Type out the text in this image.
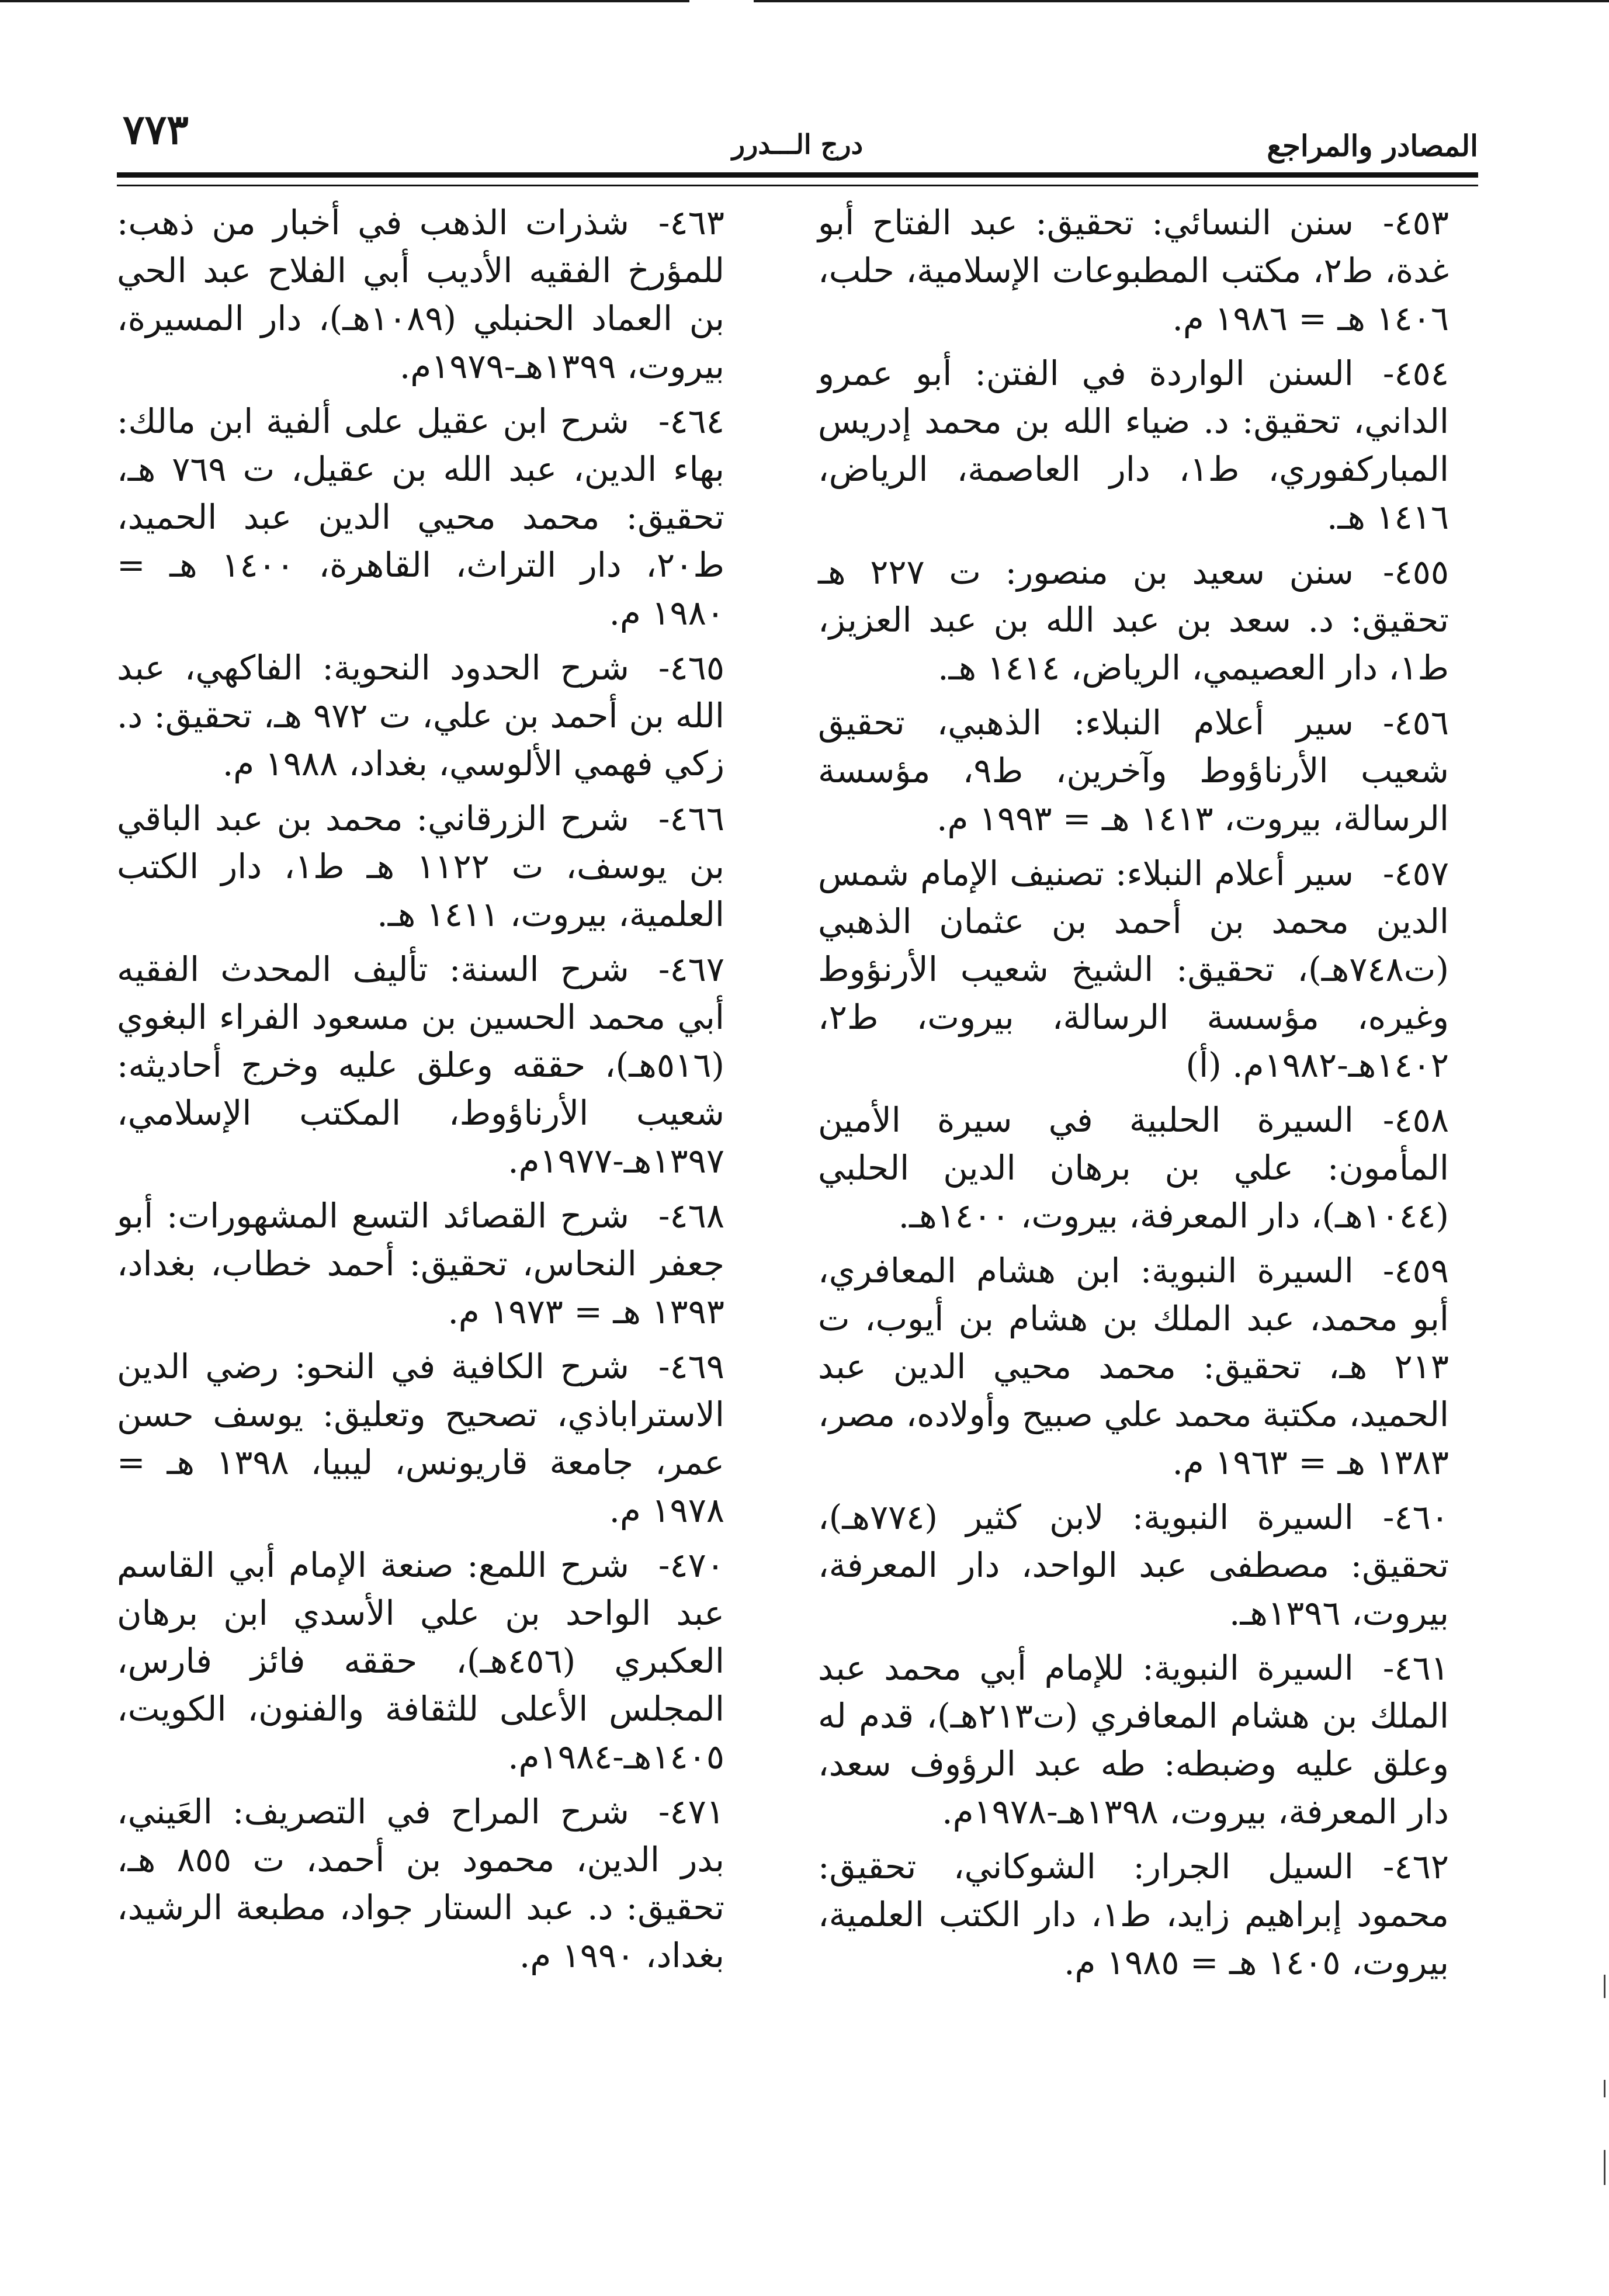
المصادر والمراجع
درج الـــدرر
٧٧٣

٤٥٣-سنن النسائي: تحقيق: عبد الفتاح أبو غدة، ط٢، مكتب المطبوعات الإسلامية، حلب، ١٤٠٦ هـ = ١٩٨٦ م.

٤٥٤-السنن الواردة في الفتن: أبو عمرو الداني، تحقيق: د. ضياء الله بن محمد إدريس المباركفوري، ط١، دار العاصمة، الرياض، ١٤١٦ هـ.

٤٥٥-سنن سعيد بن منصور: ت ٢٢٧ هـ تحقيق: د. سعد بن عبد الله بن عبد العزيز، ط١، دار العصيمي، الرياض، ١٤١٤ هـ.

٤٥٦-سير أعلام النبلاء: الذهبي، تحقيق شعيب الأرناؤوط وآخرين، ط٩، مؤسسة الرسالة، بيروت، ١٤١٣ هـ = ١٩٩٣ م.

٤٥٧-سير أعلام النبلاء: تصنيف الإمام شمس الدين محمد بن أحمد بن عثمان الذهبي (ت٧٤٨هـ)، تحقيق: الشيخ شعيب الأرنؤوط وغيره، مؤسسة الرسالة، بيروت، ط٢، ١٤٠٢هـ-١٩٨٢م. (أ)

٤٥٨-السيرة الحلبية في سيرة الأمين المأمون: علي بن برهان الدين الحلبي (١٠٤٤هـ)، دار المعرفة، بيروت، ١٤٠٠هـ.

٤٥٩-السيرة النبوية: ابن هشام المعافري، أبو محمد، عبد الملك بن هشام بن أيوب، ت ٢١٣ هـ، تحقيق: محمد محيي الدين عبد الحميد، مكتبة محمد علي صبيح وأولاده، مصر، ١٣٨٣ هـ = ١٩٦٣ م.

٤٦٠-السيرة النبوية: لابن كثير (٧٧٤هـ)، تحقيق: مصطفى عبد الواحد، دار المعرفة، بيروت، ١٣٩٦هـ.

٤٦١-السيرة النبوية: للإمام أبي محمد عبد الملك بن هشام المعافري (ت٢١٣هـ)، قدم له وعلق عليه وضبطه: طه عبد الرؤوف سعد، دار المعرفة، بيروت، ١٣٩٨هـ-١٩٧٨م.

٤٦٢-السيل الجرار: الشوكاني، تحقيق: محمود إبراهيم زايد، ط١، دار الكتب العلمية، بيروت، ١٤٠٥ هـ = ١٩٨٥ م.

٤٦٣-شذرات الذهب في أخبار من ذهب: للمؤرخ الفقيه الأديب أبي الفلاح عبد الحي بن العماد الحنبلي (١٠٨٩هـ)، دار المسيرة، بيروت، ١٣٩٩هـ-١٩٧٩م.

٤٦٤-شرح ابن عقيل على ألفية ابن مالك: بهاء الدين، عبد الله بن عقيل، ت ٧٦٩ هـ، تحقيق: محمد محيي الدين عبد الحميد، ط٢٠، دار التراث، القاهرة، ١٤٠٠ هـ = ١٩٨٠ م.

٤٦٥-شرح الحدود النحوية: الفاكهي، عبد الله بن أحمد بن علي، ت ٩٧٢ هـ، تحقيق: د. زكي فهمي الألوسي، بغداد، ١٩٨٨ م.

٤٦٦-شرح الزرقاني: محمد بن عبد الباقي بن يوسف، ت ١١٢٢ هـ ط١، دار الكتب العلمية، بيروت، ١٤١١ هـ.

٤٦٧-شرح السنة: تأليف المحدث الفقيه أبي محمد الحسين بن مسعود الفراء البغوي (٥١٦هـ)، حققه وعلق عليه وخرج أحاديثه: شعيب الأرناؤوط، المكتب الإسلامي، ١٣٩٧هـ-١٩٧٧م.

٤٦٨-شرح القصائد التسع المشهورات: أبو جعفر النحاس، تحقيق: أحمد خطاب، بغداد، ١٣٩٣ هـ = ١٩٧٣ م.

٤٦٩-شرح الكافية في النحو: رضي الدين الاستراباذي، تصحيح وتعليق: يوسف حسن عمر، جامعة قاريونس، ليبيا، ١٣٩٨ هـ = ١٩٧٨ م.

٤٧٠-شرح اللمع: صنعة الإمام أبي القاسم عبد الواحد بن علي الأسدي ابن برهان العكبري (٤٥٦هـ)، حققه فائز فارس، المجلس الأعلى للثقافة والفنون، الكويت، ١٤٠٥هـ-١٩٨٤م.

٤٧١-شرح المراح في التصريف: العَيني، بدر الدين، محمود بن أحمد، ت ٨٥٥ هـ، تحقيق: د. عبد الستار جواد، مطبعة الرشيد، بغداد، ١٩٩٠ م.
